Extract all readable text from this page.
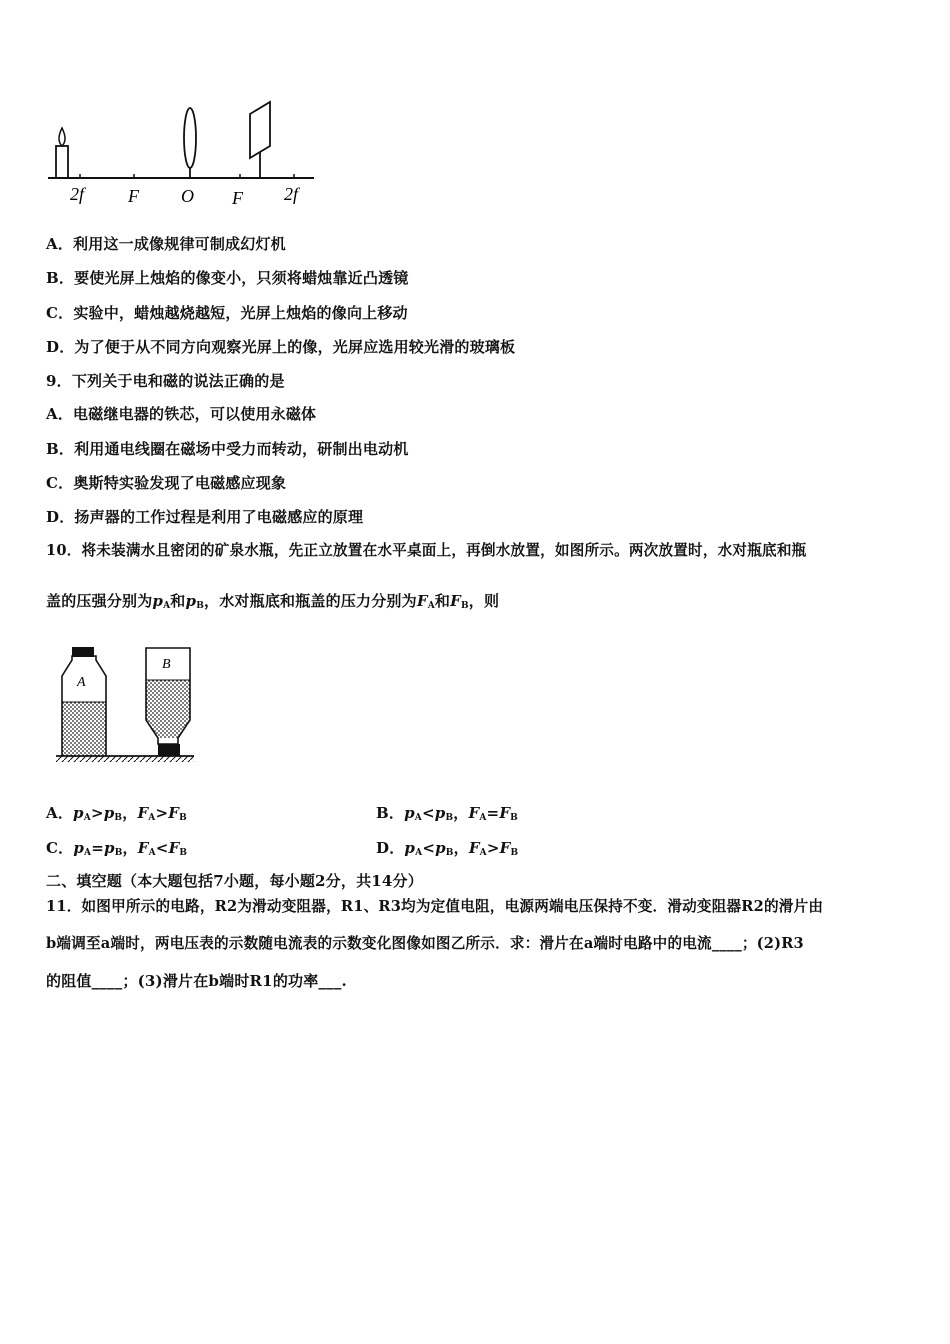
2f F O F 2f
A．利用这一成像规律可制成幻灯机
B．要使光屏上烛焰的像变小，只须将蜡烛靠近凸透镜
C．实验中，蜡烛越烧越短，光屏上烛焰的像向上移动
D．为了便于从不同方向观察光屏上的像，光屏应选用较光滑的玻璃板
9．下列关于电和磁的说法正确的是
A．电磁继电器的铁芯，可以使用永磁体
B．利用通电线圈在磁场中受力而转动，研制出电动机
C．奥斯特实验发现了电磁感应现象
D．扬声器的工作过程是利用了电磁感应的原理
10．将未装满水且密闭的矿泉水瓶，先正立放置在水平桌面上，再倒水放置，如图所示。两次放置时，水对瓶底和瓶
盖的压强分别为$p_A$和$p_B$，水对瓶底和瓶盖的压力分别为$F_A$和$F_B$，则
A
B
A．$p_A>p_B$，$F_A>F_B$	B．$p_A<p_B$，$F_A=F_B$
C．$p_A=p_B$，$F_A<F_B$	D．$p_A<p_B$，$F_A>F_B$
二、填空题（本大题包括7小题，每小题2分，共14分）
11．如图甲所示的电路，R2为滑动变阻器，R1、R3均为定值电阻，电源两端电压保持不变．滑动变阻器R2的滑片由
b端调至a端时，两电压表的示数随电流表的示数变化图像如图乙所示．求：滑片在a端时电路中的电流____；(2)R3
的阻值____；(3)滑片在b端时R1的功率___.
